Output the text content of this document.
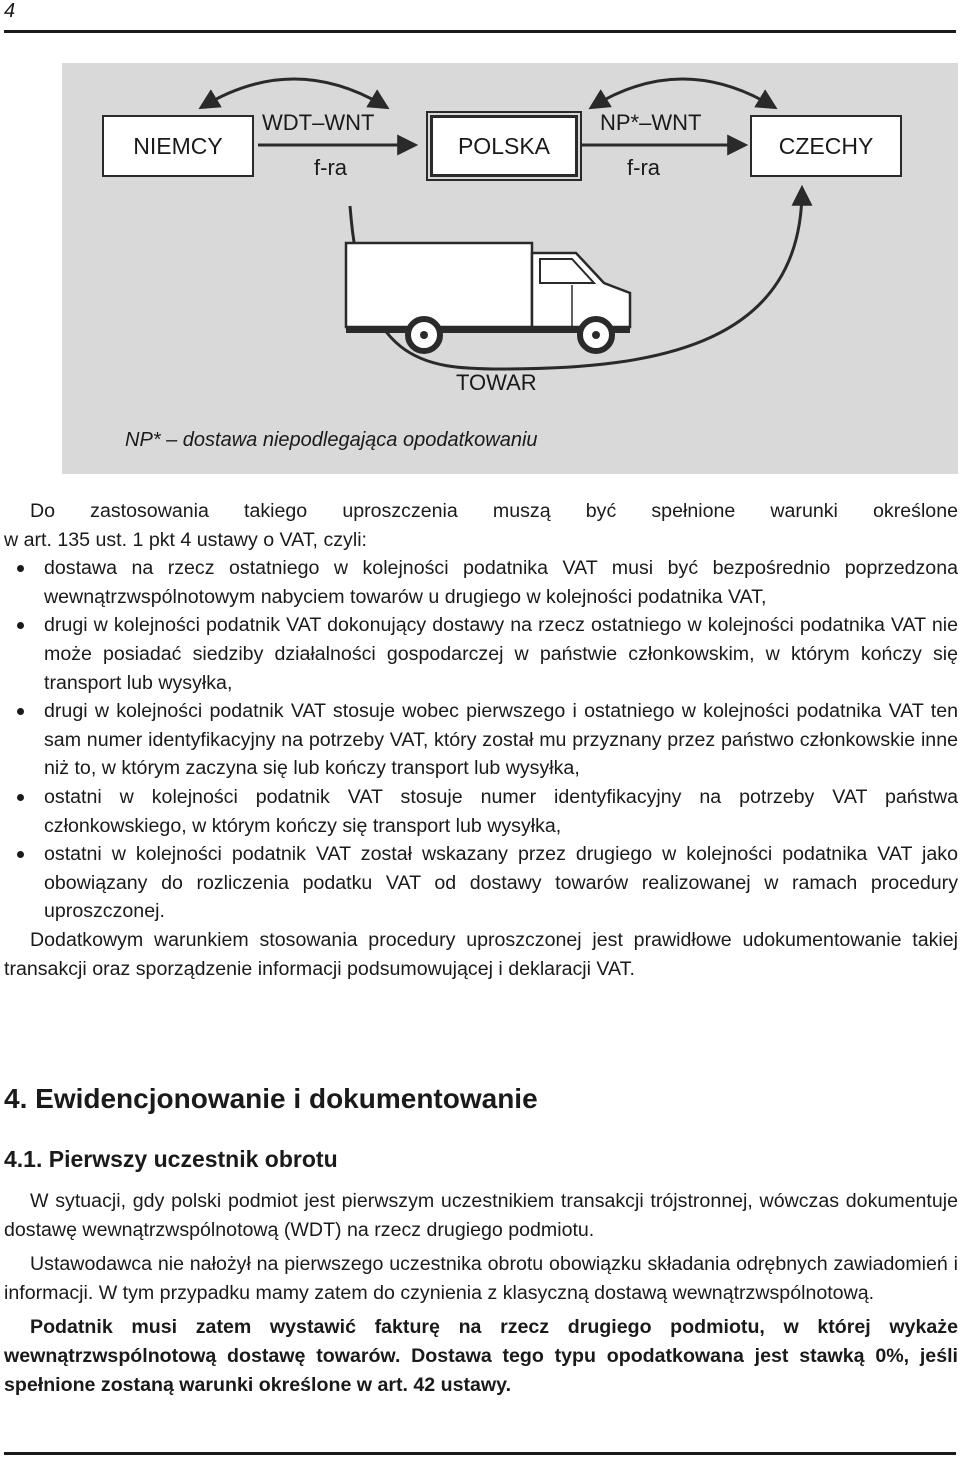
4
NIEMCY	POLSKA	CZECHY
WDT–WNT
f-ra
NP*–WNT
f-ra
TOWAR
NP* – dostawa niepodlegająca opodatkowaniu

Do zastosowania takiego uproszczenia muszą być spełnione warunki określone

w art. 135 ust. 1 pkt 4 ustawy o VAT, czyli:

dostawa na rzecz ostatniego w kolejności podatnika VAT musi być bezpośrednio poprzedzona wewnątrzwspólnotowym nabyciem towarów u drugiego w kolejności podatnika VAT,
drugi w kolejności podatnik VAT dokonujący dostawy na rzecz ostatniego w kolejności podatnika VAT nie może posiadać siedziby działalności gospodarczej w państwie członkowskim, w którym kończy się transport lub wysyłka,
drugi w kolejności podatnik VAT stosuje wobec pierwszego i ostatniego w kolejności podatnika VAT ten sam numer identyfikacyjny na potrzeby VAT, który został mu przyznany przez państwo członkowskie inne niż to, w którym zaczyna się lub kończy transport lub wysyłka,
ostatni w kolejności podatnik VAT stosuje numer identyfikacyjny na potrzeby VAT państwa członkowskiego, w którym kończy się transport lub wysyłka,
ostatni w kolejności podatnik VAT został wskazany przez drugiego w kolejności podatnika VAT jako obowiązany do rozliczenia podatku VAT od dostawy towarów realizowanej w ramach procedury uproszczonej.

Dodatkowym warunkiem stosowania procedury uproszczonej jest prawidłowe udokumentowanie takiej transakcji oraz sporządzenie informacji podsumowującej i deklaracji VAT.

4. Ewidencjonowanie i dokumentowanie
4.1. Pierwszy uczestnik obrotu

W sytuacji, gdy polski podmiot jest pierwszym uczestnikiem transakcji trójstronnej, wówczas dokumentuje dostawę wewnątrzwspólnotową (WDT) na rzecz drugiego podmiotu.

Ustawodawca nie nałożył na pierwszego uczestnika obrotu obowiązku składania odrębnych zawiadomień i informacji. W tym przypadku mamy zatem do czynienia z klasyczną dostawą wewnątrzwspólnotową.

Podatnik musi zatem wystawić fakturę na rzecz drugiego podmiotu, w której wykaże wewnątrzwspólnotową dostawę towarów. Dostawa tego typu opodatkowana jest stawką 0%, jeśli spełnione zostaną warunki określone w art. 42 ustawy.
